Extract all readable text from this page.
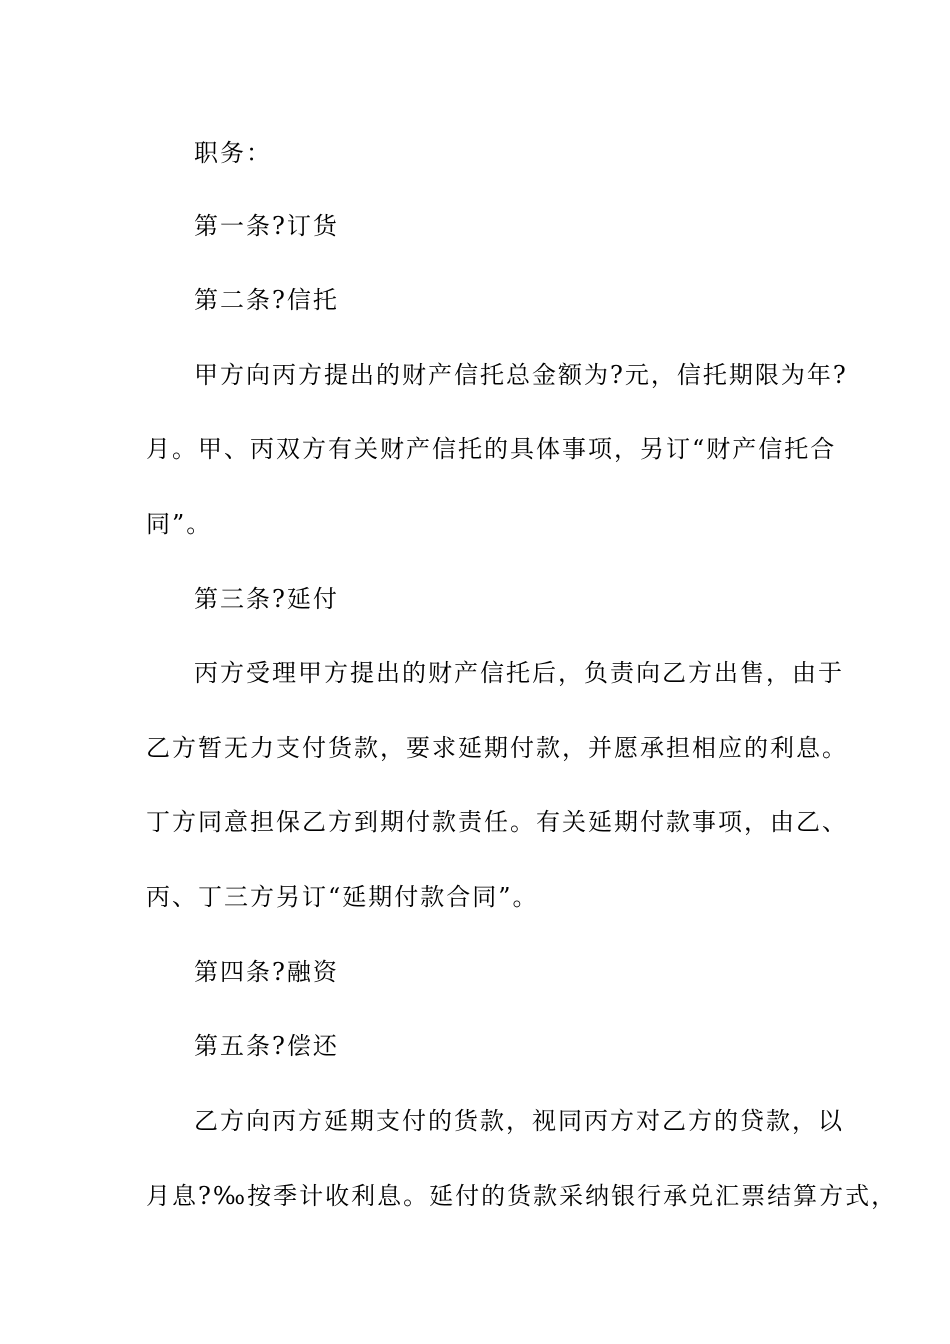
职务：
第一条?订货
第二条?信托
甲方向丙方提出的财产信托总金额为?元，信托期限为年?
月。甲、丙双方有关财产信托的具体事项，另订“财产信托合
同”。
第三条?延付
丙方受理甲方提出的财产信托后，负责向乙方出售，由于
乙方暂无力支付货款，要求延期付款，并愿承担相应的利息。
丁方同意担保乙方到期付款责任。有关延期付款事项，由乙、
丙、丁三方另订“延期付款合同”。
第四条?融资
第五条?偿还
乙方向丙方延期支付的货款，视同丙方对乙方的贷款，以
月息?‰按季计收利息。延付的货款采纳银行承兑汇票结算方式，
